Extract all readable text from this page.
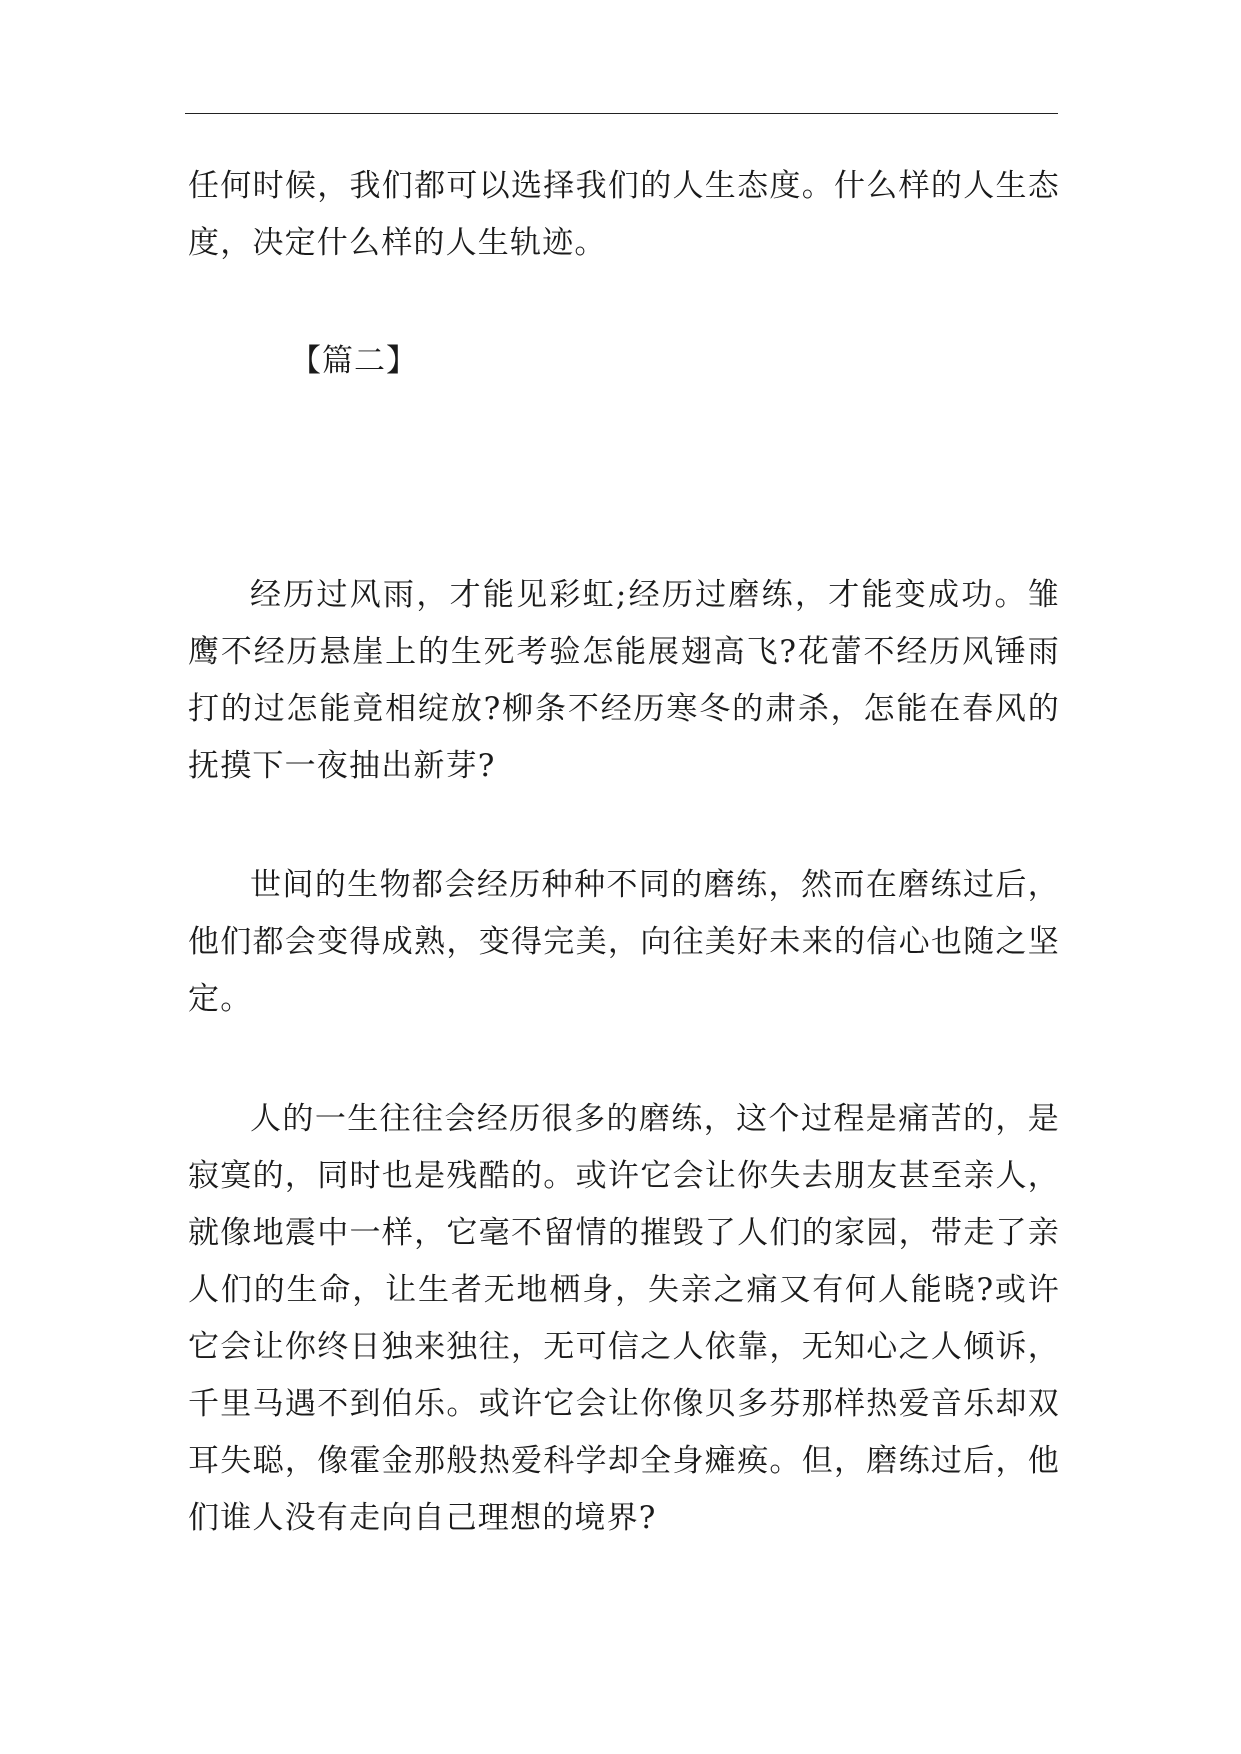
任何时候，我们都可以选择我们的人生态度。什么样的人生态度，决定什么样的人生轨迹。

【篇二】

经历过风雨，才能见彩虹;经历过磨练，才能变成功。雏鹰不经历悬崖上的生死考验怎能展翅高飞?花蕾不经历风锤雨打的过怎能竟相绽放?柳条不经历寒冬的肃杀，怎能在春风的抚摸下一夜抽出新芽?

世间的生物都会经历种种不同的磨练，然而在磨练过后，他们都会变得成熟，变得完美，向往美好未来的信心也随之坚定。

人的一生往往会经历很多的磨练，这个过程是痛苦的，是寂寞的，同时也是残酷的。或许它会让你失去朋友甚至亲人，就像地震中一样，它毫不留情的摧毁了人们的家园，带走了亲人们的生命，让生者无地栖身，失亲之痛又有何人能晓?或许它会让你终日独来独往，无可信之人依靠，无知心之人倾诉，千里马遇不到伯乐。或许它会让你像贝多芬那样热爱音乐却双耳失聪，像霍金那般热爱科学却全身瘫痪。但，磨练过后，他们谁人没有走向自己理想的境界?
